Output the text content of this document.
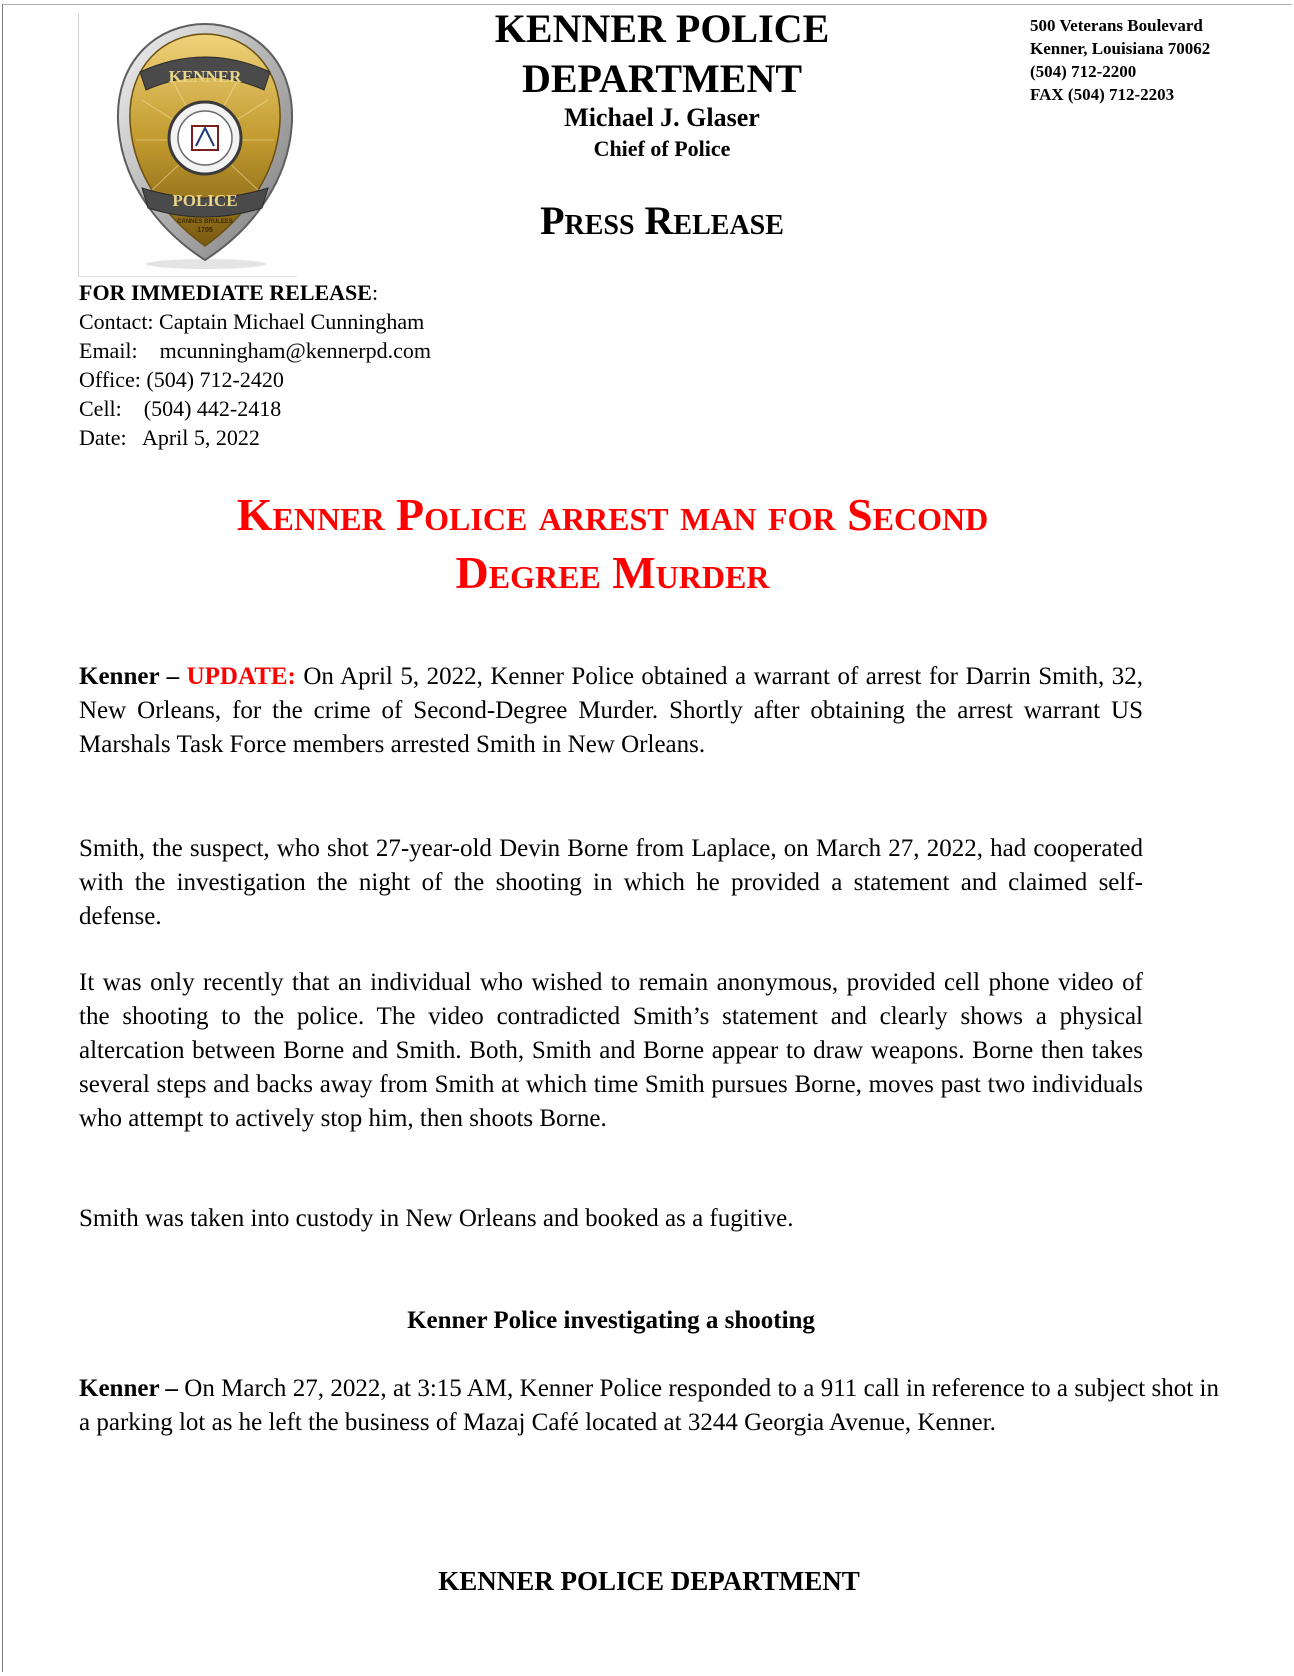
KENNER
POLICE
CANNES BRULEES
1705
KENNER POLICE
DEPARTMENT
Michael J. Glaser
Chief of Police
Press Release
500 Veterans Boulevard
Kenner, Louisiana 70062
(504) 712-2200
FAX (504) 712-2203
FOR IMMEDIATE RELEASE:
Contact: Captain Michael Cunningham
Email: mcunningham@kennerpd.com
Office: (504) 712-2420
Cell: (504) 442-2418
Date: April 5, 2022
Kenner Police arrest man for Second
Degree Murder
Kenner – UPDATE: On April 5, 2022, Kenner Police obtained a warrant of arrest for Darrin Smith, 32, New Orleans, for the crime of Second-Degree Murder. Shortly after obtaining the arrest warrant US Marshals Task Force members arrested Smith in New Orleans.
Smith, the suspect, who shot 27-year-old Devin Borne from Laplace, on March 27, 2022, had cooperated with the investigation the night of the shooting in which he provided a statement and claimed self-defense.
It was only recently that an individual who wished to remain anonymous, provided cell phone video of the shooting to the police. The video contradicted Smith’s statement and clearly shows a physical altercation between Borne and Smith. Both, Smith and Borne appear to draw weapons. Borne then takes several steps and backs away from Smith at which time Smith pursues Borne, moves past two individuals who attempt to actively stop him, then shoots Borne.
Smith was taken into custody in New Orleans and booked as a fugitive.
Kenner Police investigating a shooting
Kenner – On March 27, 2022, at 3:15 AM, Kenner Police responded to a 911 call in reference to a subject shot in a parking lot as he left the business of Mazaj Café located at 3244 Georgia Avenue, Kenner.
KENNER POLICE DEPARTMENT
